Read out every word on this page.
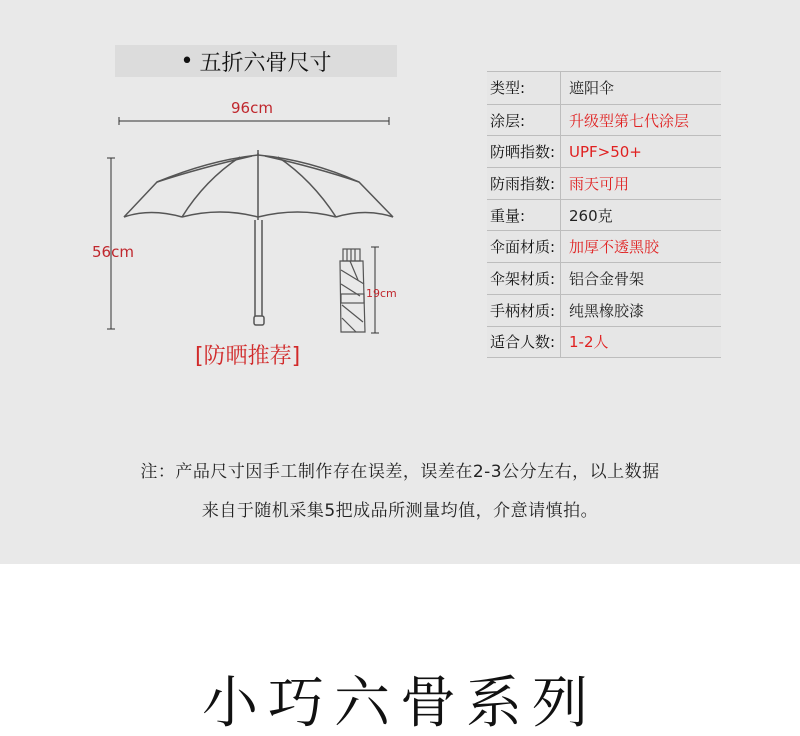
• 五折六骨尺寸
96cm
56cm
19cm
[防晒推荐]
类型:	遮阳伞
涂层:	升级型第七代涂层
防晒指数: UPF>50+
防雨指数: 雨天可用
重量:	260克
伞面材质: 加厚不透黑胶
伞架材质: 铝合金骨架
手柄材质: 纯黑橡胶漆
适合人数: 1-2人
注：产品尺寸因手工制作存在误差，误差在2-3公分左右，以上数据
来自于随机采集5把成品所测量均值，介意请慎拍。
小巧六骨系列
